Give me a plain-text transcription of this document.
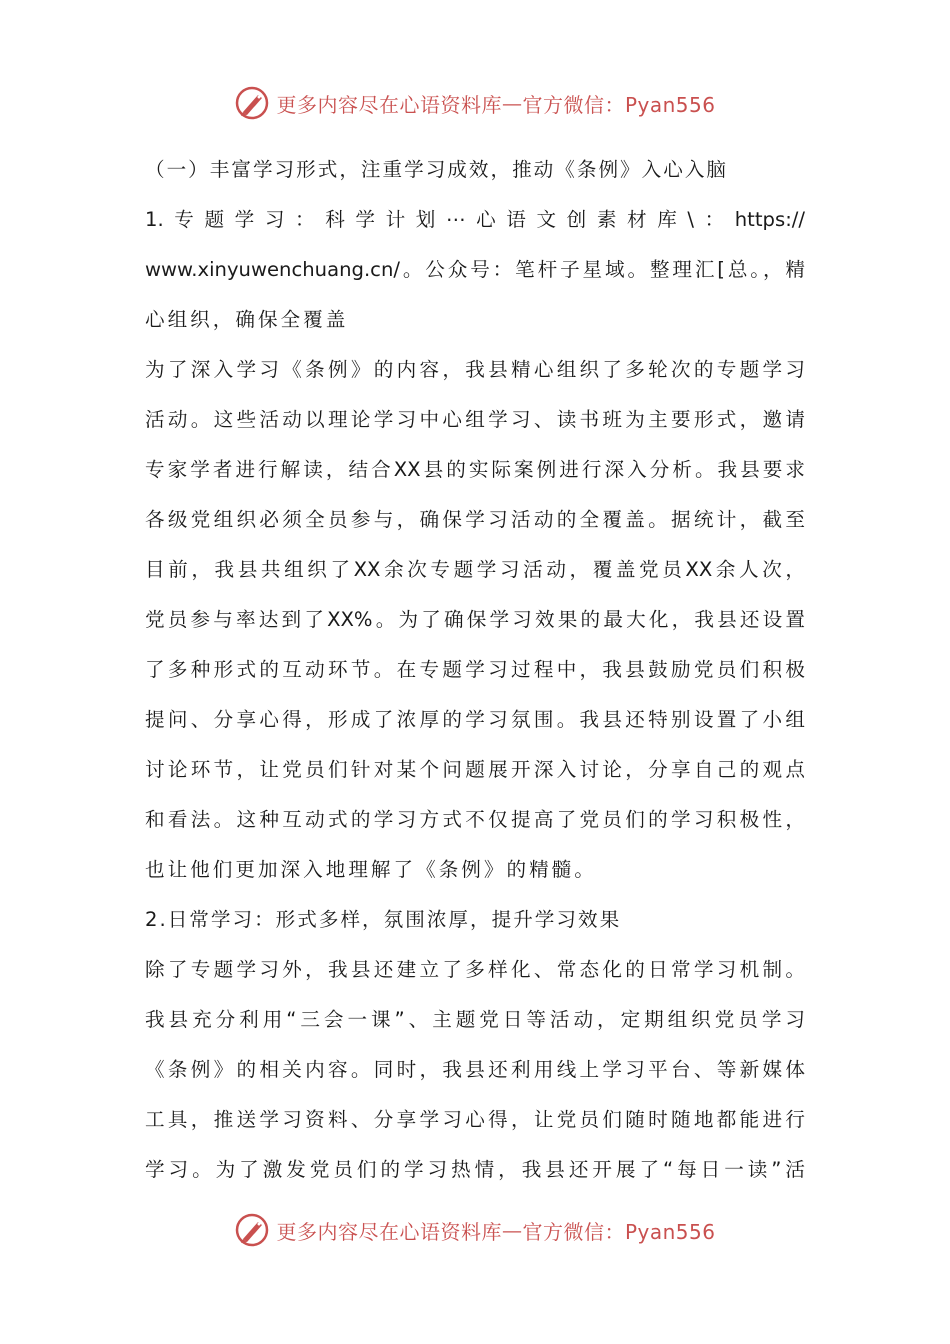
更多内容尽在心语资料库 — 官方微信：Pyan556
（一）丰富学习形式，注重学习成效，推动《条例》入心入脑
1.专题学习：科学计划⋯心语文创素材库\：https://
www.xinyuwenchuang.cn/。公众号：笔杆子星域。整理汇[总。，精
心组织，确保全覆盖
为了深入学习《条例》的内容，我县精心组织了多轮次的专题学习
活动。这些活动以理论学习中心组学习、读书班为主要形式，邀请
专家学者进行解读，结合XX县的实际案例进行深入分析。我县要求
各级党组织必须全员参与，确保学习活动的全覆盖。据统计，截至
目前，我县共组织了XX余次专题学习活动，覆盖党员XX余人次，
党员参与率达到了XX%。为了确保学习效果的最大化，我县还设置
了多种形式的互动环节。在专题学习过程中，我县鼓励党员们积极
提问、分享心得，形成了浓厚的学习氛围。我县还特别设置了小组
讨论环节，让党员们针对某个问题展开深入讨论，分享自己的观点
和看法。这种互动式的学习方式不仅提高了党员们的学习积极性，
也让他们更加深入地理解了《条例》的精髓。
2.日常学习：形式多样，氛围浓厚，提升学习效果
除了专题学习外，我县还建立了多样化、常态化的日常学习机制。
我县充分利用“三会一课”、主题党日等活动，定期组织党员学习
《条例》的相关内容。同时，我县还利用线上学习平台、等新媒体
工具，推送学习资料、分享学习心得，让党员们随时随地都能进行
学习。为了激发党员们的学习热情，我县还开展了“每日一读”活
更多内容尽在心语资料库 — 官方微信：Pyan556
